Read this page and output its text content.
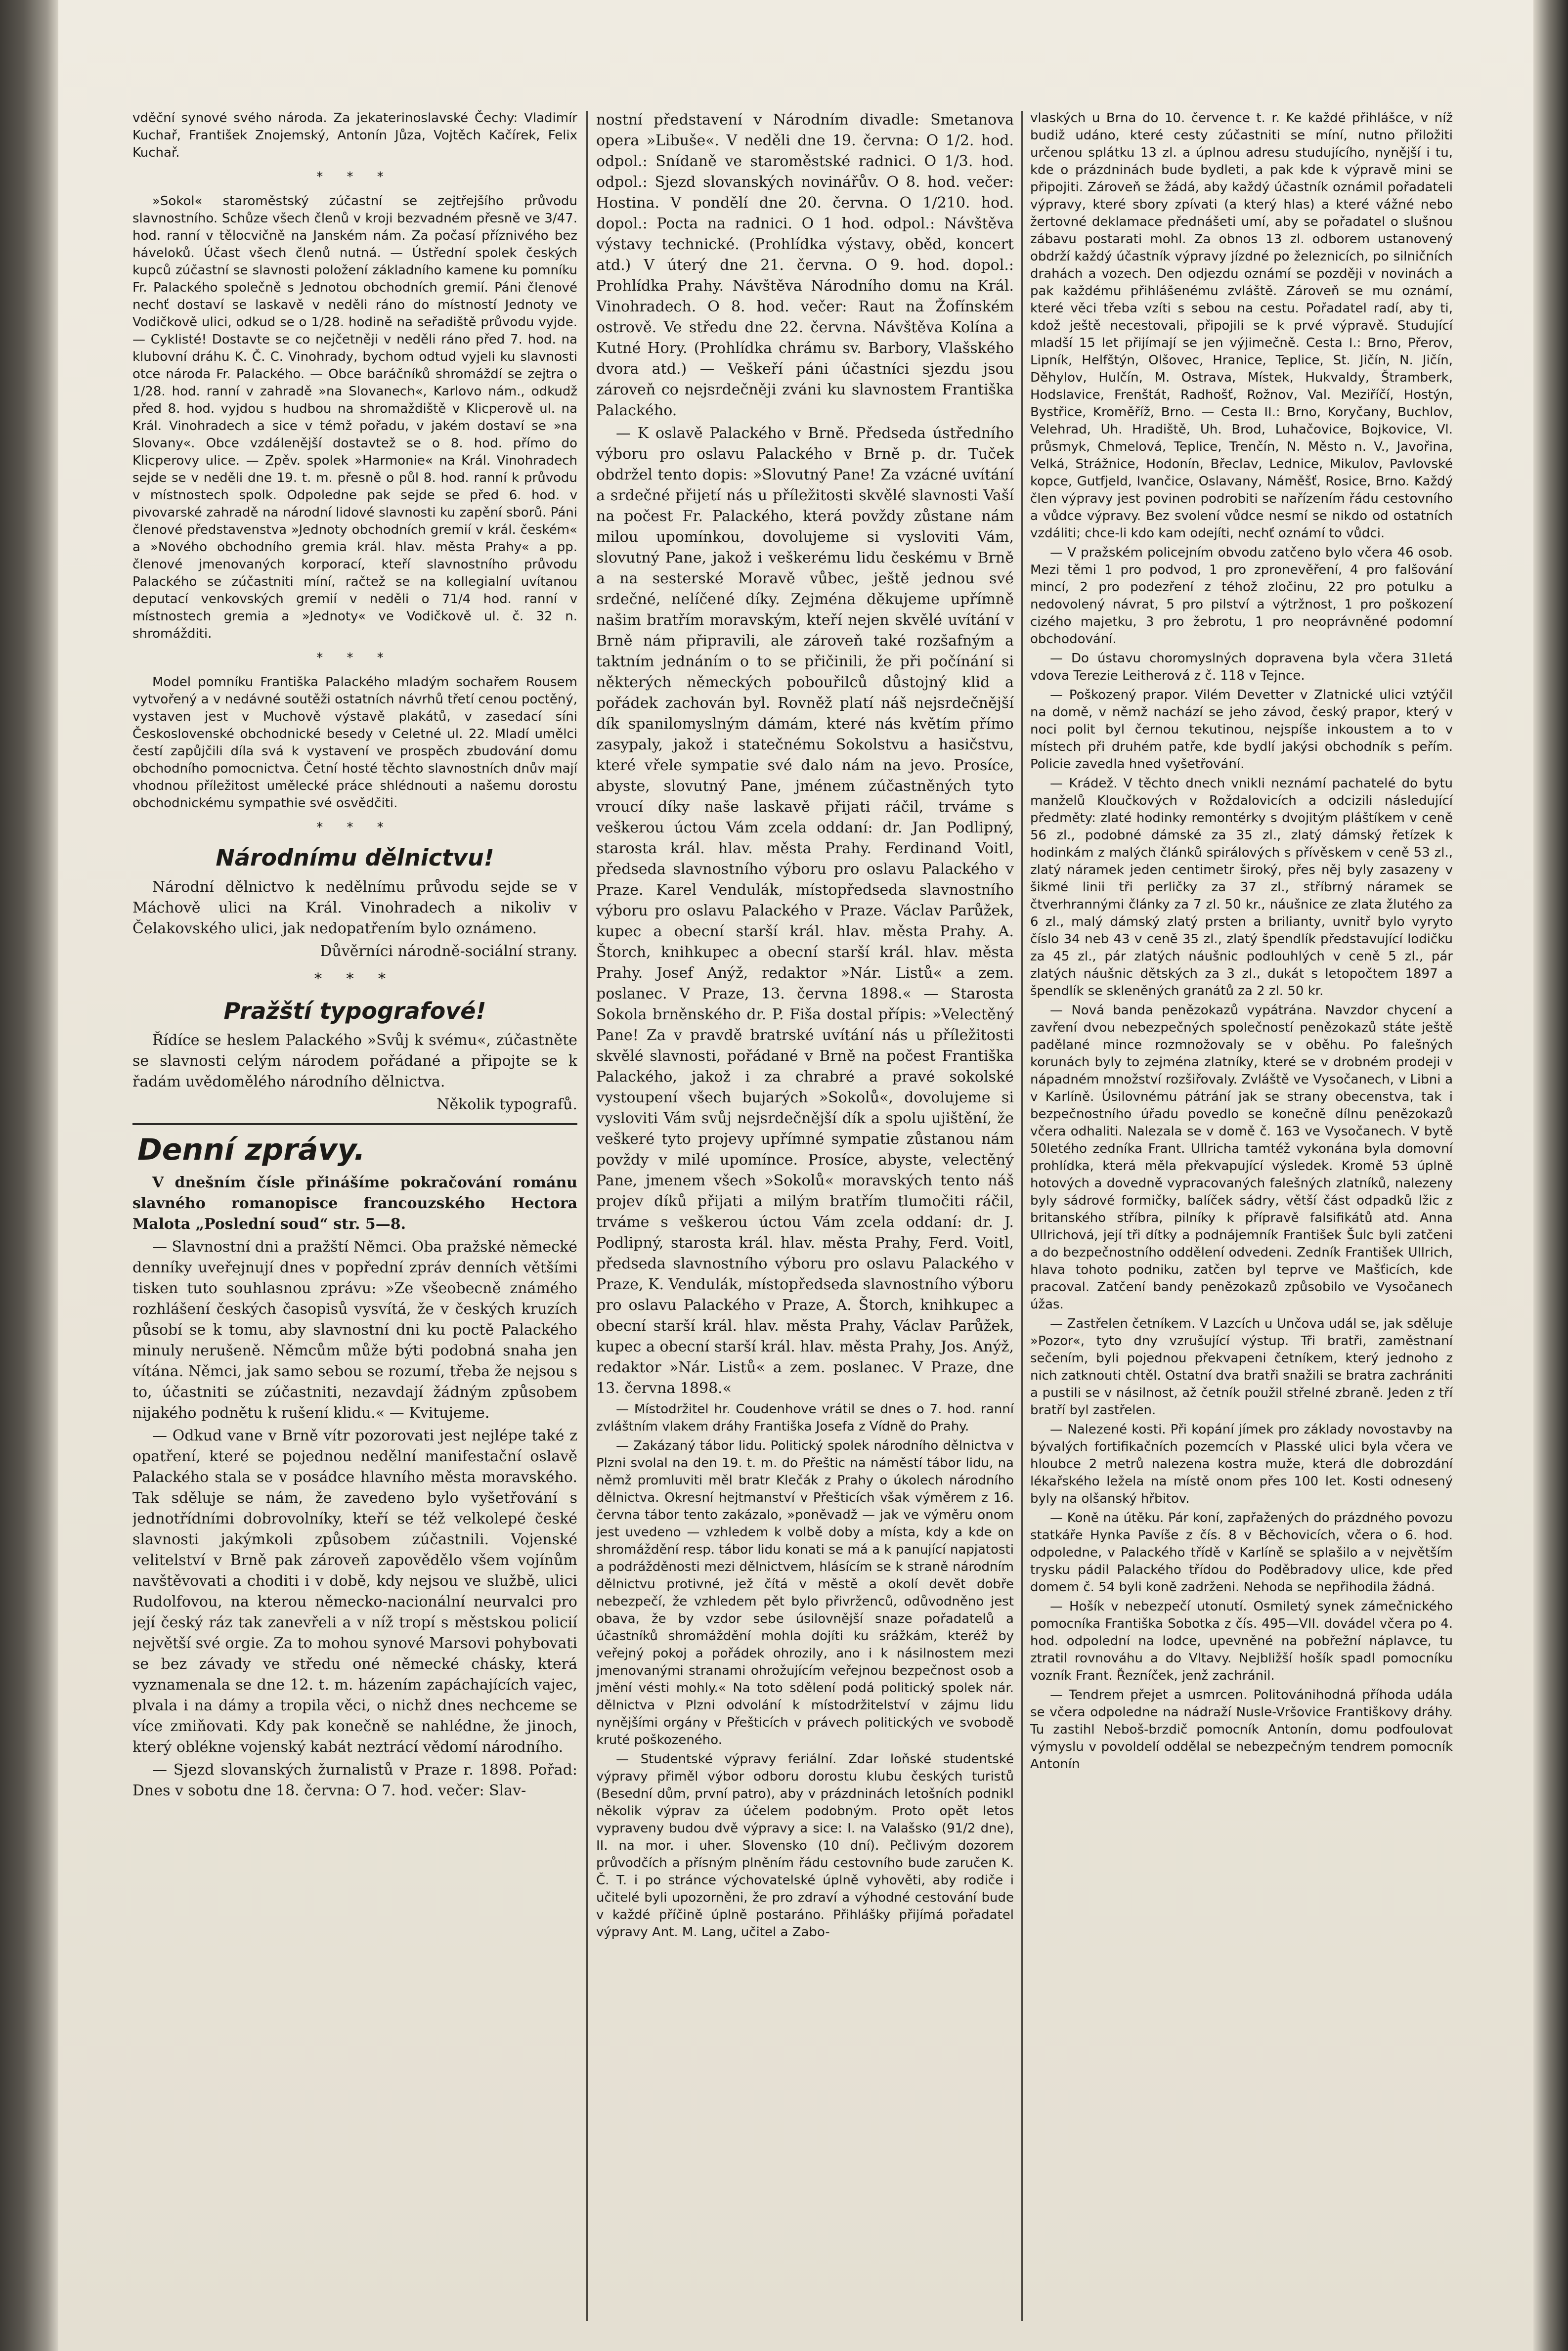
vděční synové svého národa. Za jekaterinoslavské Čechy: Vladimír Kuchař, František Znojemský, Antonín Jůza, Vojtěch Kačírek, Felix Kuchař.

* * *

»Sokol« staroměstský zúčastní se zejtřejšího průvodu slavnostního. Schůze všech členů v kroji bezvadném přesně ve 3/47. hod. ranní v tělocvičně na Janském nám. Za počasí příznivého bez háveloků. Účast všech členů nutná. — Ústřední spolek českých kupců zúčastní se slavnosti položení základního kamene ku pomníku Fr. Palackého společně s Jednotou obchodních gremií. Páni členové nechť dostaví se laskavě v neděli ráno do místností Jednoty ve Vodičkově ulici, odkud se o 1/28. hodině na seřadiště průvodu vyjde. — Cyklisté! Dostavte se co nejčetněji v neděli ráno před 7. hod. na klubovní dráhu K. Č. C. Vinohrady, bychom odtud vyjeli ku slavnosti otce národa Fr. Palackého. — Obce baráčníků shromáždí se zejtra o 1/28. hod. ranní v zahradě »na Slovanech«, Karlovo nám., odkudž před 8. hod. vyjdou s hudbou na shromaždiště v Klicperově ul. na Král. Vinohradech a sice v témž pořadu, v jakém dostaví se »na Slovany«. Obce vzdálenější dostavtež se o 8. hod. přímo do Klicperovy ulice. — Zpěv. spolek »Harmonie« na Král. Vinohradech sejde se v neděli dne 19. t. m. přesně o půl 8. hod. ranní k průvodu v místnostech spolk. Odpoledne pak sejde se před 6. hod. v pivovarské zahradě na národní lidové slavnosti ku zapění sborů. Páni členové představenstva »Jednoty obchodních gremií v král. českém« a »Nového obchodního gremia král. hlav. města Prahy« a pp. členové jmenovaných korporací, kteří slavnostního průvodu Palackého se zúčastniti míní, račtež se na kollegialní uvítanou deputací venkovských gremií v neděli o 71/4 hod. ranní v místnostech gremia a »Jednoty« ve Vodičkově ul. č. 32 n. shromážditi.

* * *

Model pomníku Františka Palackého mladým sochařem Rousem vytvořený a v nedávné soutěži ostatních návrhů třetí cenou poctěný, vystaven jest v Muchově výstavě plakátů, v zasedací síni Československé obchodnické besedy v Celetné ul. 22. Mladí umělci čestí zapůjčili díla svá k vystavení ve prospěch zbudování domu obchodního pomocnictva. Četní hosté těchto slavnostních dnův mají vhodnou příležitost umělecké práce shlédnouti a našemu dorostu obchodnickému sympathie své osvědčiti.

* * *

Národnímu dělnictvu!

Národní dělnictvo k nedělnímu průvodu sejde se v Máchově ulici na Král. Vinohradech a nikoliv v Čelakovského ulici, jak nedopatřením bylo oznámeno.

Důvěrníci národně-sociální strany.

* * *

Pražští typografové!

Řídíce se heslem Palackého »Svůj k svému«, zúčastněte se slavnosti celým národem pořádané a připojte se k řadám uvědomělého národního dělnictva.

Několik typografů.

Denní zprávy.

V dnešním čísle přinášíme pokračování románu slavného romanopisce francouzského Hectora Malota „Poslední soud“ str. 5—8.

— Slavnostní dni a pražští Němci. Oba pražské německé denníky uveřejnují dnes v popřední zpráv denních většími tisken tuto souhlasnou zprávu: »Ze všeobecně známého rozhlášení českých časopisů vysvítá, že v českých kruzích působí se k tomu, aby slavnostní dni ku poctě Palackého minuly nerušeně. Němcům může býti podobná snaha jen vítána. Němci, jak samo sebou se rozumí, třeba že nejsou s to, účastniti se zúčastniti, nezavdají žádným způsobem nijakého podnětu k rušení klidu.« — Kvitujeme.

— Odkud vane v Brně vítr pozorovati jest nejlépe také z opatření, které se pojednou nedělní manifestační oslavě Palackého stala se v posádce hlavního města moravského. Tak sděluje se nám, že zavedeno bylo vyšetřování s jednotřídními dobrovolníky, kteří se též velkolepé české slavnosti jakýmkoli způsobem zúčastnili. Vojenské velitelství v Brně pak zároveň zapovědělo všem vojínům navštěvovati a choditi i v době, kdy nejsou ve službě, ulici Rudolfovou, na kterou německo-nacionální neurvalci pro její český ráz tak zanevřeli a v níž tropí s městskou policií největší své orgie. Za to mohou synové Marsovi pohybovati se bez závady ve středu oné německé chásky, která vyznamenala se dne 12. t. m. házením zapáchajících vajec, plvala i na dámy a tropila věci, o nichž dnes nechceme se více zmiňovati. Kdy pak konečně se nahlédne, že jinoch, který oblékne vojenský kabát neztrácí vědomí národního.

— Sjezd slovanských žurnalistů v Praze r. 1898. Pořad: Dnes v sobotu dne 18. června: O 7. hod. večer: Slav-

nostní představení v Národním divadle: Smetanova opera »Libuše«. V neděli dne 19. června: O 1/2. hod. odpol.: Snídaně ve staroměstské radnici. O 1/3. hod. odpol.: Sjezd slovanských novinářův. O 8. hod. večer: Hostina. V pondělí dne 20. června. O 1/210. hod. dopol.: Pocta na radnici. O 1 hod. odpol.: Návštěva výstavy technické. (Prohlídka výstavy, oběd, koncert atd.) V úterý dne 21. června. O 9. hod. dopol.: Prohlídka Prahy. Návštěva Národního domu na Král. Vinohradech. O 8. hod. večer: Raut na Žofínském ostrově. Ve středu dne 22. června. Návštěva Kolína a Kutné Hory. (Prohlídka chrámu sv. Barbory, Vlašského dvora atd.) — Veškeří páni účastníci sjezdu jsou zároveň co nejsrdečněji zváni ku slavnostem Františka Palackého.

— K oslavě Palackého v Brně. Předseda ústředního výboru pro oslavu Palackého v Brně p. dr. Tuček obdržel tento dopis: »Slovutný Pane! Za vzácné uvítání a srdečné přijetí nás u příležitosti skvělé slavnosti Vaší na počest Fr. Palackého, která povždy zůstane nám milou upomínkou, dovolujeme si vysloviti Vám, slovutný Pane, jakož i veškerému lidu českému v Brně a na sesterské Moravě vůbec, ještě jednou své srdečné, nelíčené díky. Zejména děkujeme upřímně našim bratřím moravským, kteří nejen skvělé uvítání v Brně nám připravili, ale zároveň také rozšafným a taktním jednáním o to se přičinili, že při počínání si některých německých pobouřilců důstojný klid a pořádek zachován byl. Rovněž platí náš nejsrdečnější dík spanilomyslným dámám, které nás květím přímo zasypaly, jakož i statečnému Sokolstvu a hasičstvu, které vřele sympatie své dalo nám na jevo. Prosíce, abyste, slovutný Pane, jménem zúčastněných tyto vroucí díky naše laskavě přijati ráčil, trváme s veškerou úctou Vám zcela oddaní: dr. Jan Podlipný, starosta král. hlav. města Prahy. Ferdinand Voitl, předseda slavnostního výboru pro oslavu Palackého v Praze. Karel Vendulák, místopředseda slavnostního výboru pro oslavu Palackého v Praze. Václav Parůžek, kupec a obecní starší král. hlav. města Prahy. A. Štorch, knihkupec a obecní starší král. hlav. města Prahy. Josef Anýž, redaktor »Nár. Listů« a zem. poslanec. V Praze, 13. června 1898.« — Starosta Sokola brněnského dr. P. Fiša dostal přípis: »Velectěný Pane! Za v pravdě bratrské uvítání nás u příležitosti skvělé slavnosti, pořádané v Brně na počest Františka Palackého, jakož i za chrabré a pravé sokolské vystoupení všech bujarých »Sokolů«, dovolujeme si vysloviti Vám svůj nejsrdečnější dík a spolu ujištění, že veškeré tyto projevy upřímné sympatie zůstanou nám povždy v milé upomínce. Prosíce, abyste, velectěný Pane, jmenem všech »Sokolů« moravských tento náš projev díků přijati a milým bratřím tlumočiti ráčil, trváme s veškerou úctou Vám zcela oddaní: dr. J. Podlipný, starosta král. hlav. města Prahy, Ferd. Voitl, předseda slavnostního výboru pro oslavu Palackého v Praze, K. Vendulák, místopředseda slavnostního výboru pro oslavu Palackého v Praze, A. Štorch, knihkupec a obecní starší král. hlav. města Prahy, Václav Parůžek, kupec a obecní starší král. hlav. města Prahy, Jos. Anýž, redaktor »Nár. Listů« a zem. poslanec. V Praze, dne 13. června 1898.«

— Místodržitel hr. Coudenhove vrátil se dnes o 7. hod. ranní zvláštním vlakem dráhy Františka Josefa z Vídně do Prahy.

— Zakázaný tábor lidu. Politický spolek národního dělnictva v Plzni svolal na den 19. t. m. do Přeštic na náměstí tábor lidu, na němž promluviti měl bratr Klečák z Prahy o úkolech národního dělnictva. Okresní hejtmanství v Přešticích však výměrem z 16. června tábor tento zakázalo, »poněvadž — jak ve výměru onom jest uvedeno — vzhledem k volbě doby a místa, kdy a kde on shromáždění resp. tábor lidu konati se má a k panující napjatosti a podrážděnosti mezi dělnictvem, hlásícím se k straně národním dělnictvu protivné, jež čítá v městě a okolí devět dobře nebezpečí, že vzhledem pět bylo přivrženců, odůvodněno jest obava, že by vzdor sebe úsilovnější snaze pořadatelů a účastníků shromáždění mohla dojíti ku srážkám, kteréž by veřejný pokoj a pořádek ohrozily, ano i k násilnostem mezi jmenovanými stranami ohrožujícím veřejnou bezpečnost osob a jmění vésti mohly.« Na toto sdělení podá politický spolek nár. dělnictva v Plzni odvolání k místodržitelství v zájmu lidu nynějšími orgány v Přešticích v právech politických ve svobodě kruté poškozeného.

— Studentské výpravy feriální. Zdar loňské studentské výpravy přiměl výbor odboru dorostu klubu českých turistů (Besední dům, první patro), aby v prázdninách letošních podnikl několik výprav za účelem podobným. Proto opět letos vypraveny budou dvě výpravy a sice: I. na Valašsko (91/2 dne), II. na mor. i uher. Slovensko (10 dní). Pečlivým dozorem průvodčích a přísným plněním řádu cestovního bude zaručen K. Č. T. i po stránce výchovatelské úplně vyhověti, aby rodiče i učitelé byli upozorněni, že pro zdraví a výhodné cestování bude v každé příčině úplně postaráno. Přihlášky přijímá pořadatel výpravy Ant. M. Lang, učitel a Zabo-

vlaských u Brna do 10. července t. r. Ke každé přihlášce, v níž budiž udáno, které cesty zúčastniti se míní, nutno přiložiti určenou splátku 13 zl. a úplnou adresu studujícího, nynější i tu, kde o prázdninách bude bydleti, a pak kde k výpravě mini se připojiti. Zároveň se žádá, aby každý účastník oznámil pořadateli výpravy, které sbory zpívati (a který hlas) a které vážné nebo žertovné deklamace přednášeti umí, aby se pořadatel o slušnou zábavu postarati mohl. Za obnos 13 zl. odborem ustanovený obdrží každý účastník výpravy jízdné po železnicích, po silničních drahách a vozech. Den odjezdu oznámí se později v novinách a pak každému přihlášenému zvláště. Zároveň se mu oznámí, které věci třeba vzíti s sebou na cestu. Pořadatel radí, aby ti, kdož ještě necestovali, připojili se k prvé výpravě. Studující mladší 15 let přijímají se jen výjimečně. Cesta I.: Brno, Přerov, Lipník, Helfštýn, Olšovec, Hranice, Teplice, St. Jičín, N. Jičín, Děhylov, Hulčín, M. Ostrava, Místek, Hukvaldy, Štramberk, Hodslavice, Frenštát, Radhošť, Rožnov, Val. Meziříčí, Hostýn, Bystřice, Kroměříž, Brno. — Cesta II.: Brno, Koryčany, Buchlov, Velehrad, Uh. Hradiště, Uh. Brod, Luhačovice, Bojkovice, Vl. průsmyk, Chmelová, Teplice, Trenčín, N. Město n. V., Javořina, Velká, Strážnice, Hodonín, Břeclav, Lednice, Mikulov, Pavlovské kopce, Gutfjeld, Ivančice, Oslavany, Náměšť, Rosice, Brno. Každý člen výpravy jest povinen podrobiti se nařízením řádu cestovního a vůdce výpravy. Bez svolení vůdce nesmí se nikdo od ostatních vzdáliti; chce-li kdo kam odejíti, nechť oznámí to vůdci.

— V pražském policejním obvodu zatčeno bylo včera 46 osob. Mezi těmi 1 pro podvod, 1 pro zpronevěření, 4 pro falšování mincí, 2 pro podezření z téhož zločinu, 22 pro potulku a nedovolený návrat, 5 pro pilství a výtržnost, 1 pro poškození cizého majetku, 3 pro žebrotu, 1 pro neoprávněné podomní obchodování.

— Do ústavu choromyslných dopravena byla včera 31letá vdova Terezie Leitherová z č. 118 v Tejnce.

— Poškozený prapor. Vilém Devetter v Zlatnické ulici vztýčil na domě, v němž nachází se jeho závod, český prapor, který v noci polit byl černou tekutinou, nejspíše inkoustem a to v místech při druhém patře, kde bydlí jakýsi obchodník s peřím. Policie zavedla hned vyšetřování.

— Krádež. V těchto dnech vnikli neznámí pachatelé do bytu manželů Kloučkových v Roždalovicích a odcizili následující předměty: zlaté hodinky remontérky s dvojitým pláštíkem v ceně 56 zl., podobné dámské za 35 zl., zlatý dámský řetízek k hodinkám z malých článků spirálových s přívěskem v ceně 53 zl., zlatý náramek jeden centimetr široký, přes něj byly zasazeny v šikmé linii tři perličky za 37 zl., stříbrný náramek se čtverhrannými články za 7 zl. 50 kr., náušnice ze zlata žlutého za 6 zl., malý dámský zlatý prsten a brilianty, uvnitř bylo vyryto číslo 34 neb 43 v ceně 35 zl., zlatý špendlík představující lodičku za 45 zl., pár zlatých náušnic podlouhlých v ceně 5 zl., pár zlatých náušnic dětských za 3 zl., dukát s letopočtem 1897 a špendlík se skleněných granátů za 2 zl. 50 kr.

— Nová banda penězokazů vypátrána. Navzdor chycení a zavření dvou nebezpečných společností penězokazů státe ještě padělané mince rozmnožovaly se v oběhu. Po falešných korunách byly to zejména zlatníky, které se v drobném prodeji v nápadném množství rozšiřovaly. Zvláště ve Vysočanech, v Libni a v Karlíně. Úsilovnému pátrání jak se strany obecenstva, tak i bezpečnostního úřadu povedlo se konečně dílnu penězokazů včera odhaliti. Nalezala se v domě č. 163 ve Vysočanech. V bytě 50letého zedníka Frant. Ullricha tamtéž vykonána byla domovní prohlídka, která měla překvapující výsledek. Kromě 53 úplně hotových a dovedně vypracovaných falešných zlatníků, nalezeny byly sádrové formičky, balíček sádry, větší část odpadků lžic z britanského stříbra, pilníky k přípravě falsifikátů atd. Anna Ullrichová, její tři dítky a podnájemník František Šulc byli zatčeni a do bezpečnostního oddělení odvedeni. Zedník František Ullrich, hlava tohoto podniku, zatčen byl teprve ve Mašťicích, kde pracoval. Zatčení bandy penězokazů způsobilo ve Vysočanech úžas.

— Zastřelen četníkem. V Lazcích u Unčova udál se, jak sděluje »Pozor«, tyto dny vzrušující výstup. Tři bratři, zaměstnaní sečením, byli pojednou překvapeni četníkem, který jednoho z nich zatknouti chtěl. Ostatní dva bratři snažili se bratra zachrániti a pustili se v násilnost, až četník použil střelné zbraně. Jeden z tří bratří byl zastřelen.

— Nalezené kosti. Při kopání jímek pro základy novostavby na bývalých fortifikačních pozemcích v Plasské ulici byla včera ve hloubce 2 metrů nalezena kostra muže, která dle dobrozdání lékařského ležela na místě onom přes 100 let. Kosti odnesený byly na olšanský hřbitov.

— Koně na útěku. Pár koní, zapřažených do prázdného povozu statkáře Hynka Pavíše z čís. 8 v Běchovicích, včera o 6. hod. odpoledne, v Palackého třídě v Karlíně se splašilo a v největším trysku pádil Palackého třídou do Poděbradovy ulice, kde před domem č. 54 byli koně zadrženi. Nehoda se nepřihodila žádná.

— Hošík v nebezpečí utonutí. Osmiletý synek zámečnického pomocníka Františka Sobotka z čís. 495—VII. dovádel včera po 4. hod. odpolední na lodce, upevněné na pobřežní náplavce, tu ztratil rovnováhu a do Vltavy. Nejbližší hošík spadl pomocníku vozník Frant. Řezníček, jenž zachránil.

— Tendrem přejet a usmrcen. Politovánihodná příhoda udála se včera odpoledne na nádraží Nusle-Vršovice Františkovy dráhy. Tu zastihl Neboš-brzdič pomocník Antonín, domu podfoulovat výmyslu v povoldelí oddělal se nebezpečným tendrem pomocník Antonín
